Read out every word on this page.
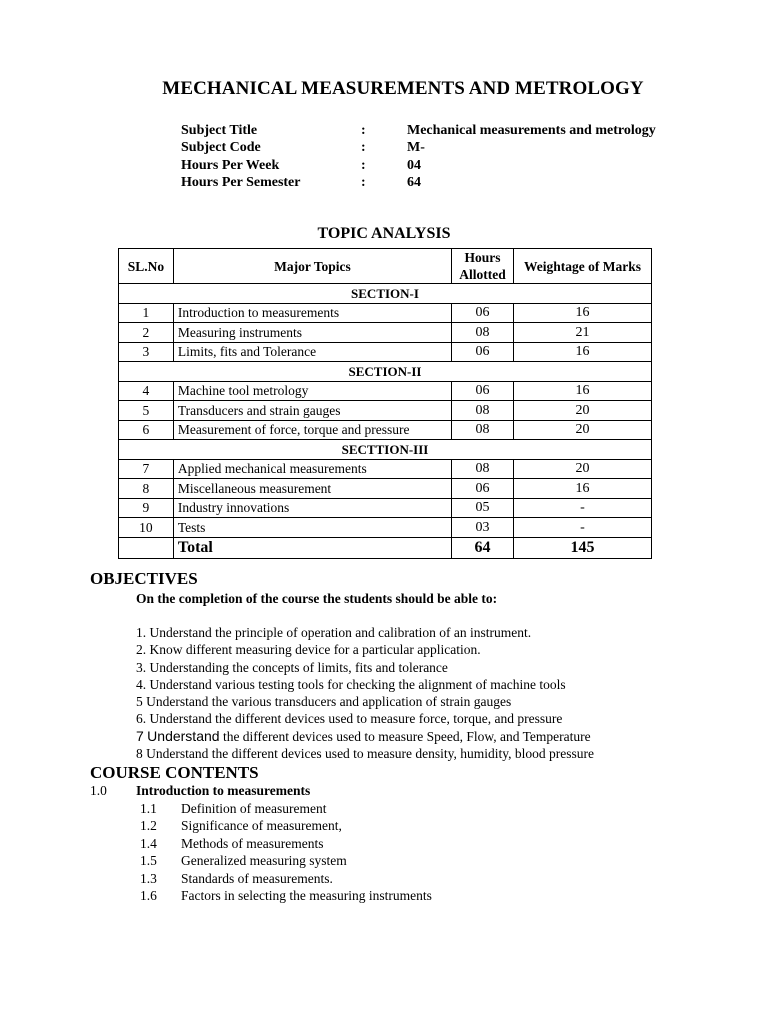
MECHANICAL MEASUREMENTS AND METROLOGY
Subject Title	:	Mechanical measurements and metrology
Subject Code	:	M-
Hours Per Week	:	04
Hours Per Semester	:	64
TOPIC ANALYSIS
SL.No	Major Topics	Hours Allotted	Weightage of Marks
SECTION-I			
1	Introduction to measurements	06	16
2	Measuring instruments	08	21
3	Limits, fits and Tolerance	06	16
SECTION-II			
4	Machine tool metrology	06	16
5	Transducers and strain gauges	08	20
6	Measurement of force, torque and pressure	08	20
SECTTION-III			
7	Applied mechanical measurements	08	20
8	Miscellaneous measurement	06	16
9	Industry innovations	05	-
10	Tests	03	-
	Total	64	145
OBJECTIVES
On the completion of the course the students should be able to:
1. Understand the principle of operation and calibration of an instrument.
2. Know different measuring device for a particular application.
3. Understanding the concepts of limits, fits and tolerance
4. Understand various testing tools for checking the alignment of machine tools
5 Understand the various transducers and application of strain gauges
6. Understand the different devices used to measure force, torque, and pressure
7 Understand the different devices used to measure Speed, Flow, and Temperature
8 Understand the different devices used to measure density, humidity, blood pressure
COURSE CONTENTS
1.0 Introduction to measurements
1.1 Definition of measurement
1.2 Significance of measurement,
1.4 Methods of measurements
1.5 Generalized measuring system
1.3 Standards of measurements.
1.6 Factors in selecting the measuring instruments
